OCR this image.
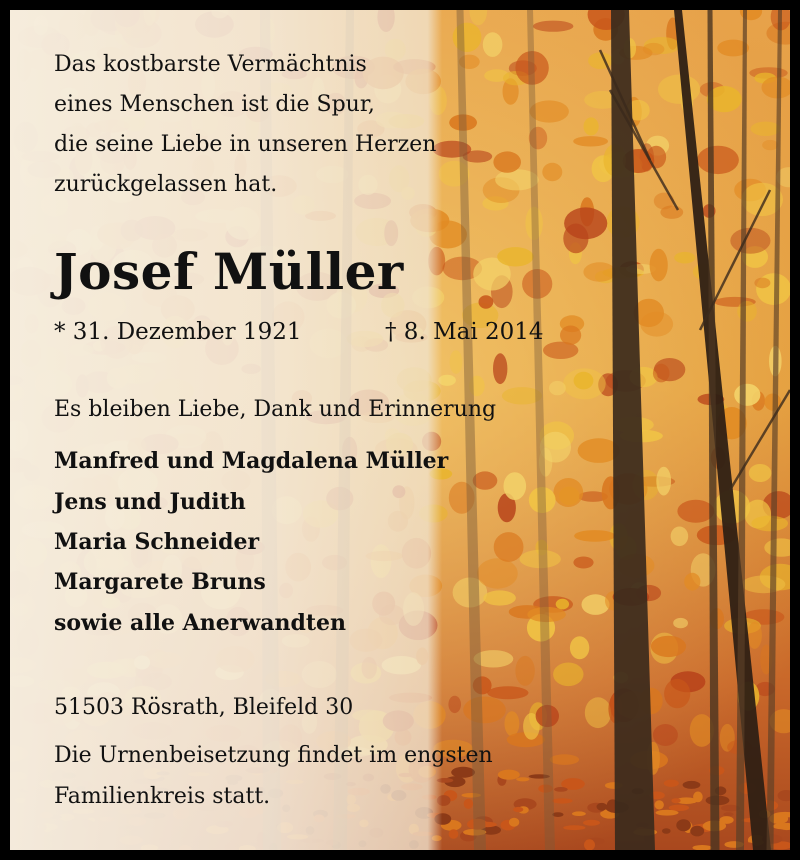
Das kostbarste Vermächtnis
eines Menschen ist die Spur,
die seine Liebe in unseren Herzen
zurückgelassen hat.
Josef Müller
* 31. Dezember 1921	† 8. Mai 2014
Es bleiben Liebe, Dank und Erinnerung
Manfred und Magdalena Müller
Jens und Judith
Maria Schneider
Margarete Bruns
sowie alle Anerwandten
51503 Rösrath, Bleifeld 30
Die Urnenbeisetzung findet im engsten
Familienkreis statt.
